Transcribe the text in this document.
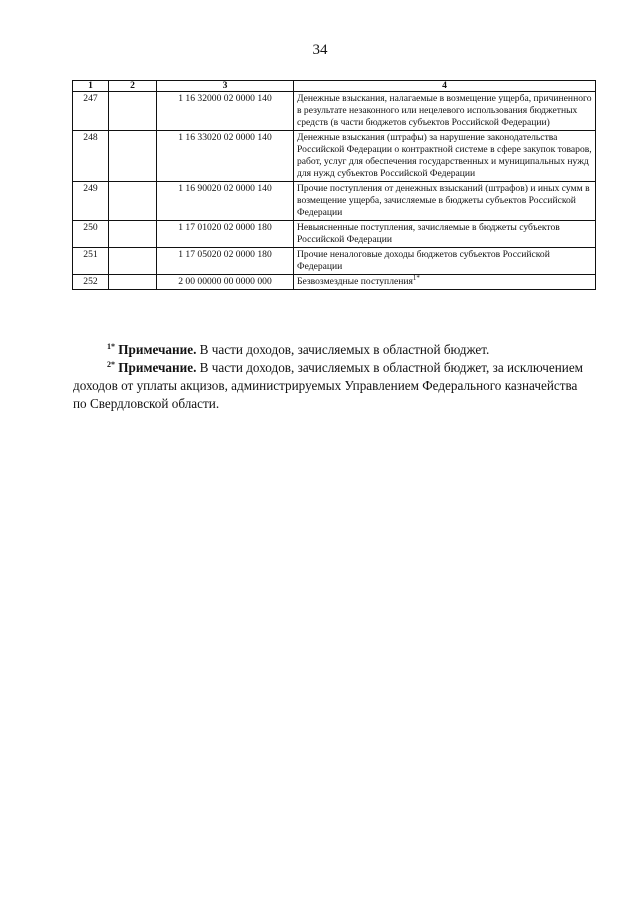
34
1	2	3	4
247		1 16 32000 02 0000 140	Денежные взыскания, налагаемые в возмещение ущерба, причиненного в результате незаконного или нецелевого использования бюджетных средств (в части бюджетов субъектов Российской Федерации)
248		1 16 33020 02 0000 140	Денежные взыскания (штрафы) за нарушение законодательства Российской Федерации о контрактной системе в сфере закупок товаров, работ, услуг для обеспечения государственных и муниципальных нужд для нужд субъектов Российской Федерации
249		1 16 90020 02 0000 140	Прочие поступления от денежных взысканий (штрафов) и иных сумм в возмещение ущерба, зачисляемые в бюджеты субъектов Российской Федерации
250		1 17 01020 02 0000 180	Невыясненные поступления, зачисляемые в бюджеты субъектов Российской Федерации
251		1 17 05020 02 0000 180	Прочие неналоговые доходы бюджетов субъектов Российской Федерации
252		2 00 00000 00 0000 000	Безвозмездные поступления$^{1*}$

$^{1*}$ Примечание. В части доходов, зачисляемых в областной бюджет.

$^{2*}$ Примечание. В части доходов, зачисляемых в областной бюджет, за исключением доходов от уплаты акцизов, администрируемых Управлением Федерального казначейства по Свердловской области.
